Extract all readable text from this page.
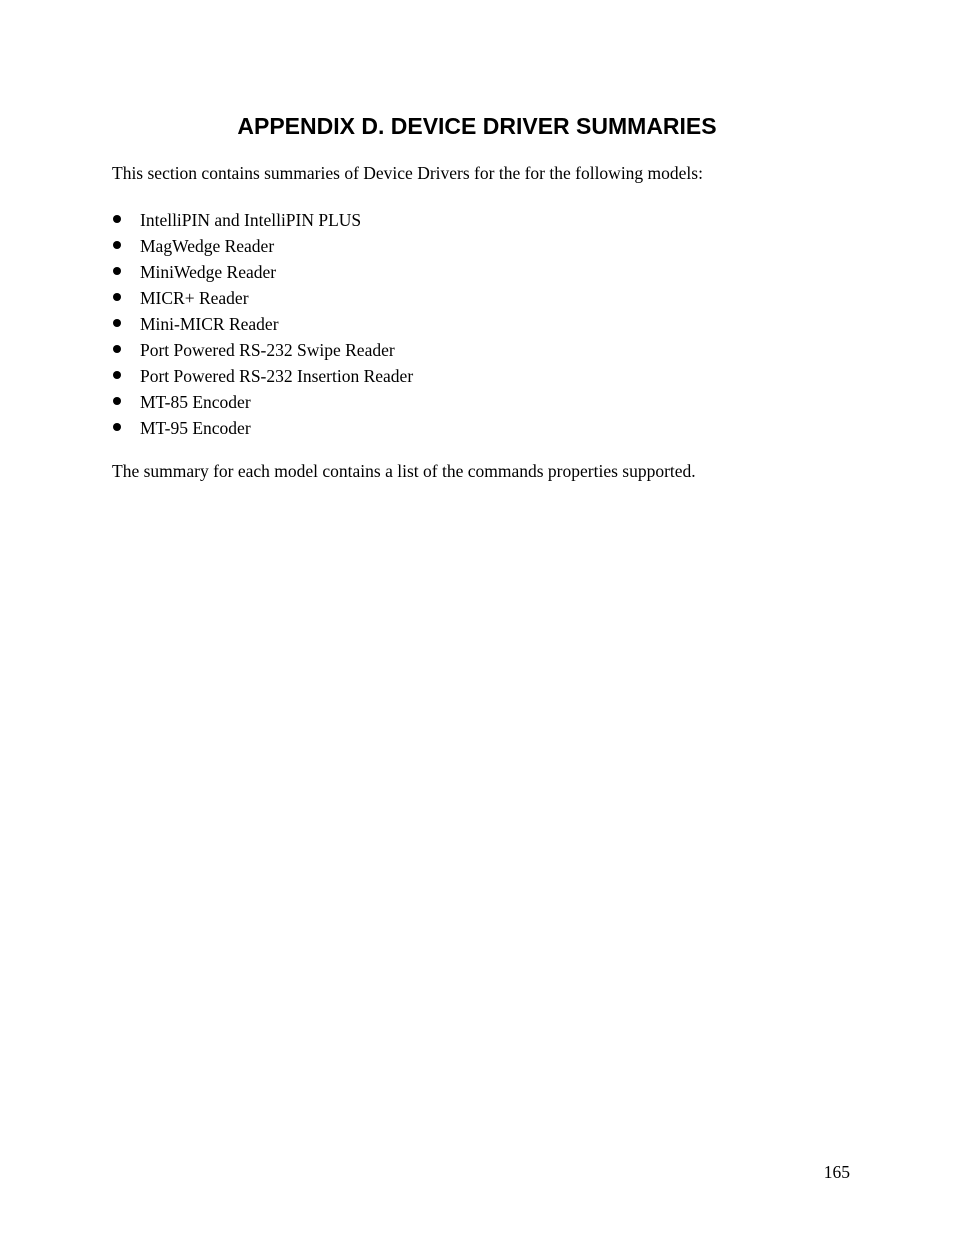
APPENDIX D. DEVICE DRIVER SUMMARIES

This section contains summaries of Device Drivers for the for the following models:

IntelliPIN and IntelliPIN PLUS
MagWedge Reader
MiniWedge Reader
MICR+ Reader
Mini-MICR Reader
Port Powered RS-232 Swipe Reader
Port Powered RS-232 Insertion Reader
MT-85 Encoder
MT-95 Encoder

The summary for each model contains a list of the commands properties supported.

165
